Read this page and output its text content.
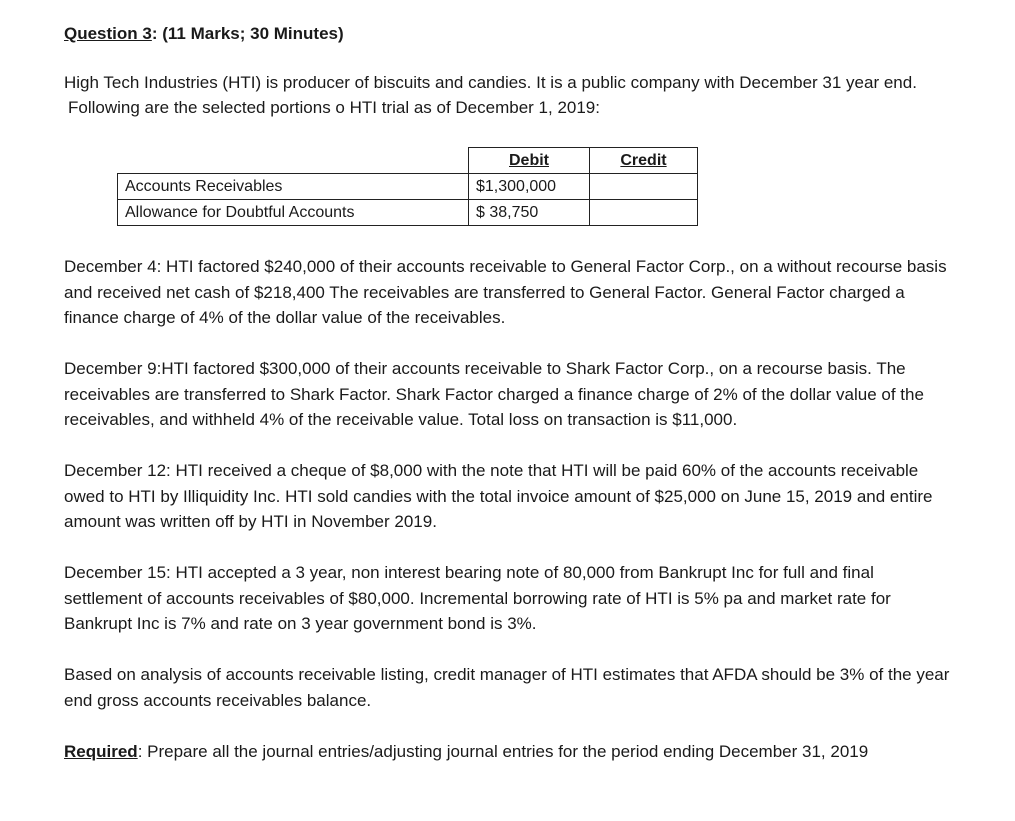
Question 3: (11 Marks; 30 Minutes)

High Tech Industries (HTI) is producer of biscuits and candies. It is a public company with December 31 year end.

Following are the selected portions o HTI trial as of December 1, 2019:

	Debit	Credit
Accounts Receivables	$1,300,000	
Allowance for Doubtful Accounts	$ 38,750	

December 4: HTI factored $240,000 of their accounts receivable to General Factor Corp., on a without recourse basis and received net cash of $218,400 The receivables are transferred to General Factor. General Factor charged a finance charge of 4% of the dollar value of the receivables.

December 9:HTI factored $300,000 of their accounts receivable to Shark Factor Corp., on a recourse basis. The receivables are transferred to Shark Factor. Shark Factor charged a finance charge of 2% of the dollar value of the receivables, and withheld 4% of the receivable value. Total loss on transaction is $11,000.

December 12: HTI received a cheque of $8,000 with the note that HTI will be paid 60% of the accounts receivable owed to HTI by Illiquidity Inc. HTI sold candies with the total invoice amount of $25,000 on June 15, 2019 and entire amount was written off by HTI in November 2019.

December 15: HTI accepted a 3 year, non interest bearing note of 80,000 from Bankrupt Inc for full and final settlement of accounts receivables of $80,000. Incremental borrowing rate of HTI is 5% pa and market rate for Bankrupt Inc is 7% and rate on 3 year government bond is 3%.

Based on analysis of accounts receivable listing, credit manager of HTI estimates that AFDA should be 3% of the year end gross accounts receivables balance.

Required: Prepare all the journal entries/adjusting journal entries for the period ending December 31, 2019
